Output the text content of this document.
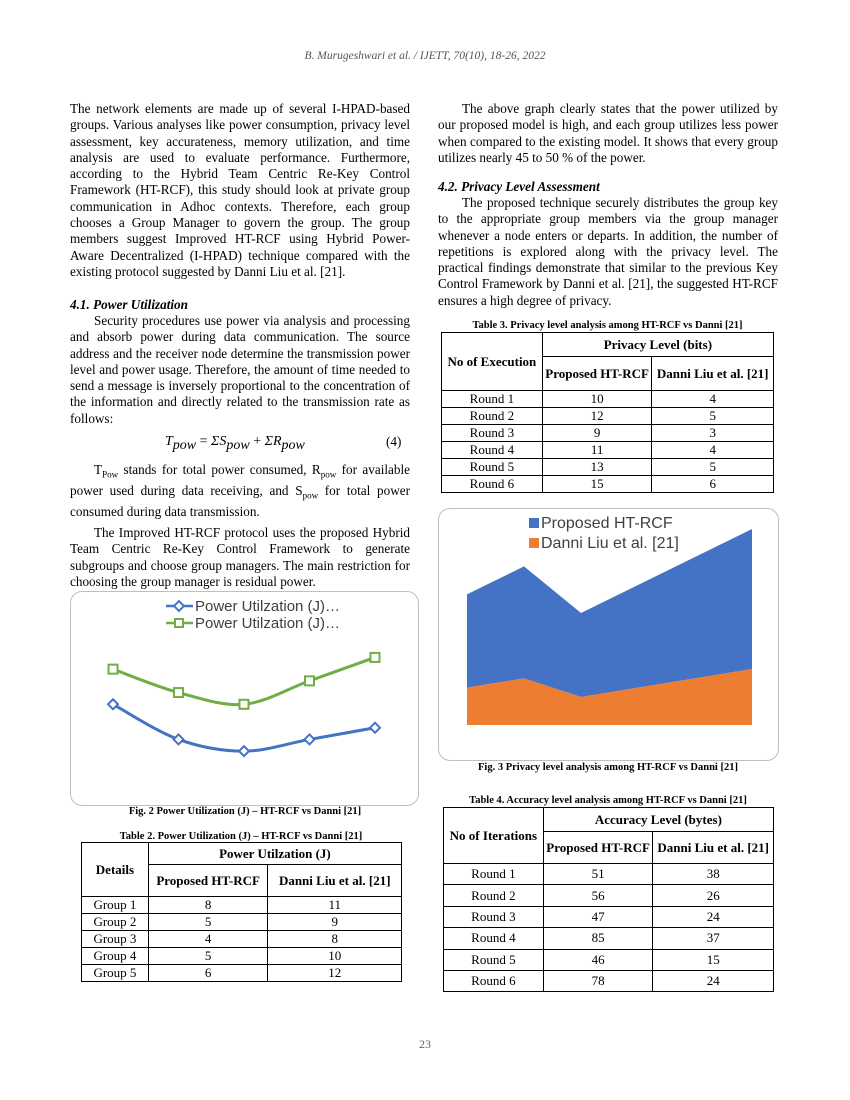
B. Murugeshwari et al. / IJETT, 70(10), 18-26, 2022

The network elements are made up of several I-HPAD-based groups. Various analyses like power consumption, privacy level assessment, key accurateness, memory utilization, and time analysis are used to evaluate performance. Furthermore, according to the Hybrid Team Centric Re-Key Control Framework (HT-RCF), this study should look at private group communication in Adhoc contexts. Therefore, each group chooses a Group Manager to govern the group. The group members suggest Improved HT-RCF using Hybrid Power-Aware Decentralized (I-HPAD) technique compared with the existing protocol suggested by Danni Liu et al. [21].

4.1. Power Utilization

Security procedures use power via analysis and processing and absorb power during data communication. The source address and the receiver node determine the transmission power level and power usage. Therefore, the amount of time needed to send a message is inversely proportional to the concentration of the information and directly related to the transmission rate as follows:

$T_{pow} = \Sigma S_{pow} + \Sigma R_{pow}$	(4)

$T_{Pow}$ stands for total power consumed, $R_{pow}$ for available power used during data receiving, and $S_{pow}$ for total power consumed during data transmission.

The Improved HT-RCF protocol uses the proposed Hybrid Team Centric Re-Key Control Framework to generate subgroups and choose group managers. The main restriction for choosing the group manager is residual power.

Power Utilzation (J)…
Power Utilzation (J)…
Fig. 2 Power Utilization (J) – HT-RCF vs Danni [21]
Table 2. Power Utilization (J) – HT-RCF vs Danni [21]
Details	Power Utilzation (J)	
	Proposed HT-RCF	Danni Liu et al. [21]
Group 1	8	11
Group 2	5	9
Group 3	4	8
Group 4	5	10
Group 5	6	12

The above graph clearly states that the power utilized by our proposed model is high, and each group utilizes less power when compared to the existing model. It shows that every group utilizes nearly 45 to 50 % of the power.

4.2. Privacy Level Assessment

The proposed technique securely distributes the group key to the appropriate group members via the group manager whenever a node enters or departs. In addition, the number of repetitions is explored along with the privacy level. The practical findings demonstrate that similar to the previous Key Control Framework by Danni et al. [21], the suggested HT-RCF ensures a high degree of privacy.

Table 3. Privacy level analysis among HT-RCF vs Danni [21]
No of Execution	Privacy Level (bits)	
	Proposed HT-RCF	Danni Liu et al. [21]
Round 1	10	4
Round 2	12	5
Round 3	9	3
Round 4	11	4
Round 5	13	5
Round 6	15	6
Proposed HT-RCF
Danni Liu et al. [21]
Fig. 3 Privacy level analysis among HT-RCF vs Danni [21]
Table 4. Accuracy level analysis among HT-RCF vs Danni [21]
No of Iterations	Accuracy Level (bytes)	
	Proposed HT-RCF	Danni Liu et al. [21]
Round 1	51	38
Round 2	56	26
Round 3	47	24
Round 4	85	37
Round 5	46	15
Round 6	78	24
23
